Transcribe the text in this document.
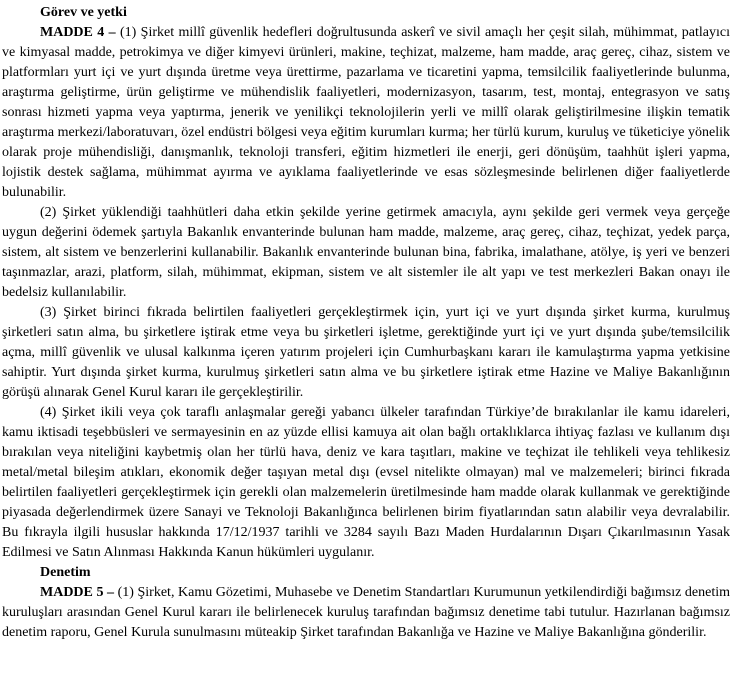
Görev ve yetki

MADDE 4 – (1) Şirket millî güvenlik hedefleri doğrultusunda askerî ve sivil amaçlı her çeşit silah, mühimmat, patlayıcı ve kimyasal madde, petrokimya ve diğer kimyevi ürünleri, makine, teçhizat, malzeme, ham madde, araç gereç, cihaz, sistem ve platformları yurt içi ve yurt dışında üretme veya ürettirme, pazarlama ve ticaretini yapma, temsilcilik faaliyetlerinde bulunma, araştırma geliştirme, ürün geliştirme ve mühendislik faaliyetleri, modernizasyon, tasarım, test, montaj, entegrasyon ve satış sonrası hizmeti yapma veya yaptırma, jenerik ve yenilikçi teknolojilerin yerli ve millî olarak geliştirilmesine ilişkin tematik araştırma merkezi/laboratuvarı, özel endüstri bölgesi veya eğitim kurumları kurma; her türlü kurum, kuruluş ve tüketiciye yönelik olarak proje mühendisliği, danışmanlık, teknoloji transferi, eğitim hizmetleri ile enerji, geri dönüşüm, taahhüt işleri yapma, lojistik destek sağlama, mühimmat ayırma ve ayıklama faaliyetlerinde ve esas sözleşmesinde belirlenen diğer faaliyetlerde bulunabilir.

(2) Şirket yüklendiği taahhütleri daha etkin şekilde yerine getirmek amacıyla, aynı şekilde geri vermek veya gerçeğe uygun değerini ödemek şartıyla Bakanlık envanterinde bulunan ham madde, malzeme, araç gereç, cihaz, teçhizat, yedek parça, sistem, alt sistem ve benzerlerini kullanabilir. Bakanlık envanterinde bulunan bina, fabrika, imalathane, atölye, iş yeri ve benzeri taşınmazlar, arazi, platform, silah, mühimmat, ekipman, sistem ve alt sistemler ile alt yapı ve test merkezleri Bakan onayı ile bedelsiz kullanılabilir.

(3) Şirket birinci fıkrada belirtilen faaliyetleri gerçekleştirmek için, yurt içi ve yurt dışında şirket kurma, kurulmuş şirketleri satın alma, bu şirketlere iştirak etme veya bu şirketleri işletme, gerektiğinde yurt içi ve yurt dışında şube/temsilcilik açma, millî güvenlik ve ulusal kalkınma içeren yatırım projeleri için Cumhurbaşkanı kararı ile kamulaştırma yapma yetkisine sahiptir. Yurt dışında şirket kurma, kurulmuş şirketleri satın alma ve bu şirketlere iştirak etme Hazine ve Maliye Bakanlığının görüşü alınarak Genel Kurul kararı ile gerçekleştirilir.

(4) Şirket ikili veya çok taraflı anlaşmalar gereği yabancı ülkeler tarafından Türkiye’de bırakılanlar ile kamu idareleri, kamu iktisadi teşebbüsleri ve sermayesinin en az yüzde ellisi kamuya ait olan bağlı ortaklıklarca ihtiyaç fazlası ve kullanım dışı bırakılan veya niteliğini kaybetmiş olan her türlü hava, deniz ve kara taşıtları, makine ve teçhizat ile tehlikeli veya tehlikesiz metal/metal bileşim atıkları, ekonomik değer taşıyan metal dışı (evsel nitelikte olmayan) mal ve malzemeleri; birinci fıkrada belirtilen faaliyetleri gerçekleştirmek için gerekli olan malzemelerin üretilmesinde ham madde olarak kullanmak ve gerektiğinde piyasada değerlendirmek üzere Sanayi ve Teknoloji Bakanlığınca belirlenen birim fiyatlarından satın alabilir veya devralabilir. Bu fıkrayla ilgili hususlar hakkında 17/12/1937 tarihli ve 3284 sayılı Bazı Maden Hurdalarının Dışarı Çıkarılmasının Yasak Edilmesi ve Satın Alınması Hakkında Kanun hükümleri uygulanır.

Denetim

MADDE 5 – (1) Şirket, Kamu Gözetimi, Muhasebe ve Denetim Standartları Kurumunun yetkilendirdiği bağımsız denetim kuruluşları arasından Genel Kurul kararı ile belirlenecek kuruluş tarafından bağımsız denetime tabi tutulur. Hazırlanan bağımsız denetim raporu, Genel Kurula sunulmasını müteakip Şirket tarafından Bakanlığa ve Hazine ve Maliye Bakanlığına gönderilir.
